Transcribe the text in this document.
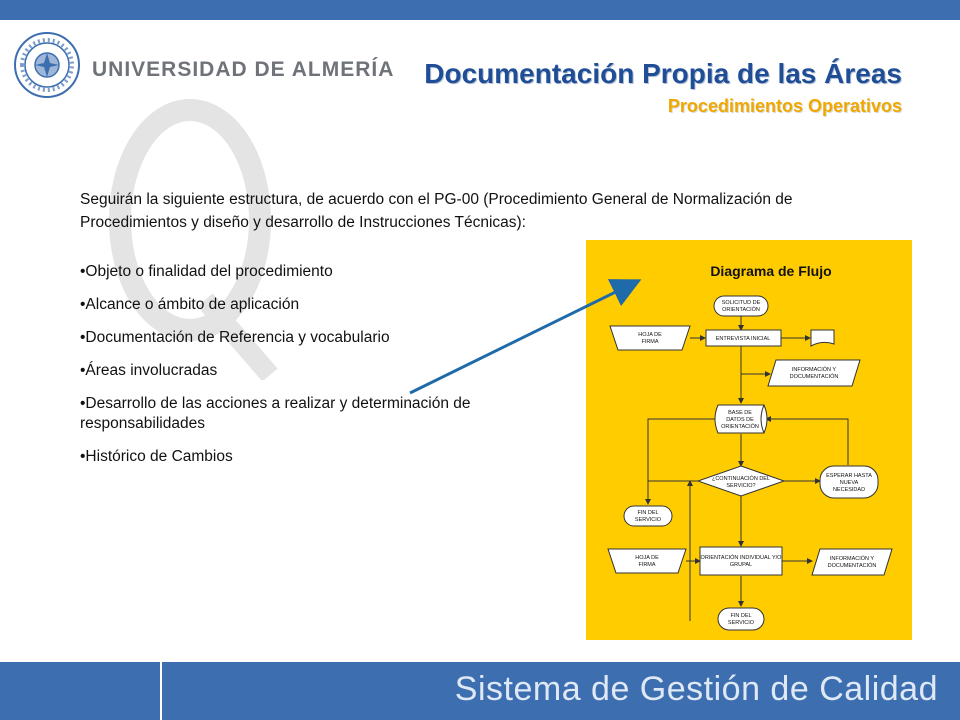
UNIVERSIDAD DE ALMERÍA Documentación Propia de las Áreas
Procedimientos Operativos
Seguirán la siguiente estructura, de acuerdo con el PG-00 (Procedimiento General de Normalización de Procedimientos y diseño y desarrollo de Instrucciones Técnicas):
•Objeto o finalidad del procedimiento
•Alcance o ámbito de aplicación
•Documentación de Referencia y vocabulario
•Áreas involucradas
•Desarrollo de las acciones a realizar y determinación de responsabilidades
•Histórico de Cambios
Diagrama de Flujo
SOLICITUD DE
ORIENTACIÓN
HOJA DE
FIRMA	ENTREVISTA INICIAL
INFORMACIÓN Y
DOCUMENTACIÓN
BASE DE
DATOS DE
ORIENTACIÓN
¿CONTINUACIÓN DEL
SERVICIO?
ESPERAR HASTA
NUEVA
NECESIDAD
FIN DEL
SERVICIO
HOJA DE
FIRMA
ORIENTACIÓN INDIVIDUAL Y/O
GRUPAL
INFORMACIÓN Y
DOCUMENTACIÓN
FIN DEL
SERVICIO
Sistema de Gestión de Calidad
